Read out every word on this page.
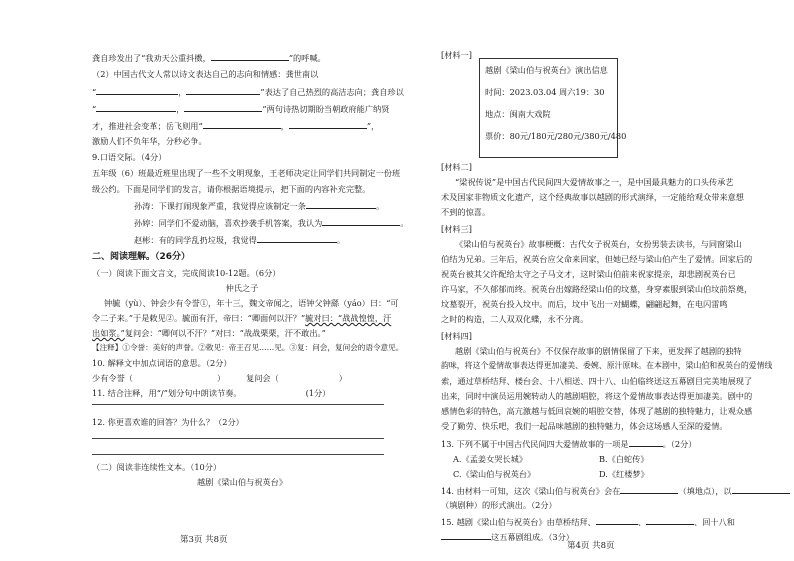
龚自珍发出了“我劝天公重抖擞，	”的呼喊。
（2）中国古代文人常以诗文表达自己的志向和情感：龚世南以
“	，	”表达了自己热烈的高洁志向；龚自珍以
“	，	”两句诗热切期盼当朝政府能广纳贤
才，推进社会变革；岳飞则用“	，	”，
激励人们不负年华，分秒必争。
9.口语交际。（4分）
五年级（6）班最近班里出现了一些不文明现象，王老师决定让同学们共同制定一份班
级公约。下面是同学们的发言，请你根据语境提示，把下面的内容补充完整。
孙涛：下课打闹现象严重，我觉得应该制定一条	。
孙婷：同学们不爱动脑，喜欢抄袭手机答案，我认为	。
赵彬：有的同学乱扔垃圾，我觉得	。
二、阅读理解。（26分）
（一）阅读下面文言文，完成阅读10-12题。（6分）
仲氏之子
钟毓（yù）、钟会少有令誉①，年十三，魏文帝闻之，语钟父钟繇（yáo）曰：“可
令二子来。”于是敕见②。毓面有汗，帝曰：“卿面何以汗？”毓对曰：“战战惶惶，汗
出如浆。”复问会：“卿何以不汗？”对曰：“战战栗栗，汗不敢出。”
【注释】①令誉：美好的声誉。②敕见：帝王召见……见。③复：问会，复问会的语令意见。
10. 解释文中加点词语的意思。（2分）
少有令誉（	）	复问会（	）
11. 结合注释，用“/”划分句中朗读节奏。	(1分）
12. 你更喜欢谁的回答？为什么？（2分）
（二）阅读非连续性文本。（10分）
越剧《梁山伯与祝英台》
第3页 共8页
[材料一]
越剧《梁山伯与祝英台》演出信息
时间：2023.03.04 周六19：30
地点：闽南大戏院
票价：80元/180元/280元/380元/480
[材料二]
“梁祝传说”是中国古代民间四大爱情故事之一，是中国最具魅力的口头传承艺
术及国家非物质文化遗产，这个经典故事以越剧的形式演绎，一定能给观众带来意想
不到的惊喜。
[材料三]
《梁山伯与祝英台》故事梗概：古代女子祝英台，女扮男装去读书，与同窗梁山
伯结为兄弟。三年后，祝英台应父命来回家，但她已经与梁山伯产生了爱情。回家后的
祝英台被其父许配给太守之子马文才，这时梁山伯前来祝家提亲，却悲剧祝英台已
许马家，不久郁郁而终。祝英台出嫁路经梁山伯的坟墓，身穿素服到梁山伯坟前祭奠，
坟墓裂开，祝英台投入坟中。而后，坟中飞出一对蝴蝶，翩翩起舞，在电闪雷鸣
之时的构造，二人双双化蝶，永不分离。
[材料四]
越剧《梁山伯与祝英台》不仅保存故事的剧情保留了下来，更发挥了越剧的独特
韵味，将这个爱情故事表达得更加凄美、委婉、原汁原味。在本剧中，梁山伯和祝英台的爱情线
索，通过草桥结拜、楼台会、十八相送、四十八、山伯临终送这五幕剧目完美地展现了
出来，同时中演员运用婉转动人的越剧唱腔，将这个爱情故事表达得更加凄美。剧中的
感情色彩的特色，高亢激越与低回哀婉的唱腔交替，体现了越剧的独特魅力，让观众感
受了勤劳、快乐吧，我们一起品味越剧的独特魅力，体会这场感人至深的爱情。
13. 下列不属于中国古代民间四大爱情故事的一项是	。（2分）
A.《孟姜女哭长城》	B.《白蛇传》
C.《梁山伯与祝英台》	D.《红楼梦》
14. 由材料一可知，这次《梁山伯与祝英台》会在	（填地点），以
（填剧种）的形式演出。（2分）
15. 越剧《梁山伯与祝英台》由草桥结拜、	、	、回十八和
这五幕剧组成。（3分）
第4页 共8页
